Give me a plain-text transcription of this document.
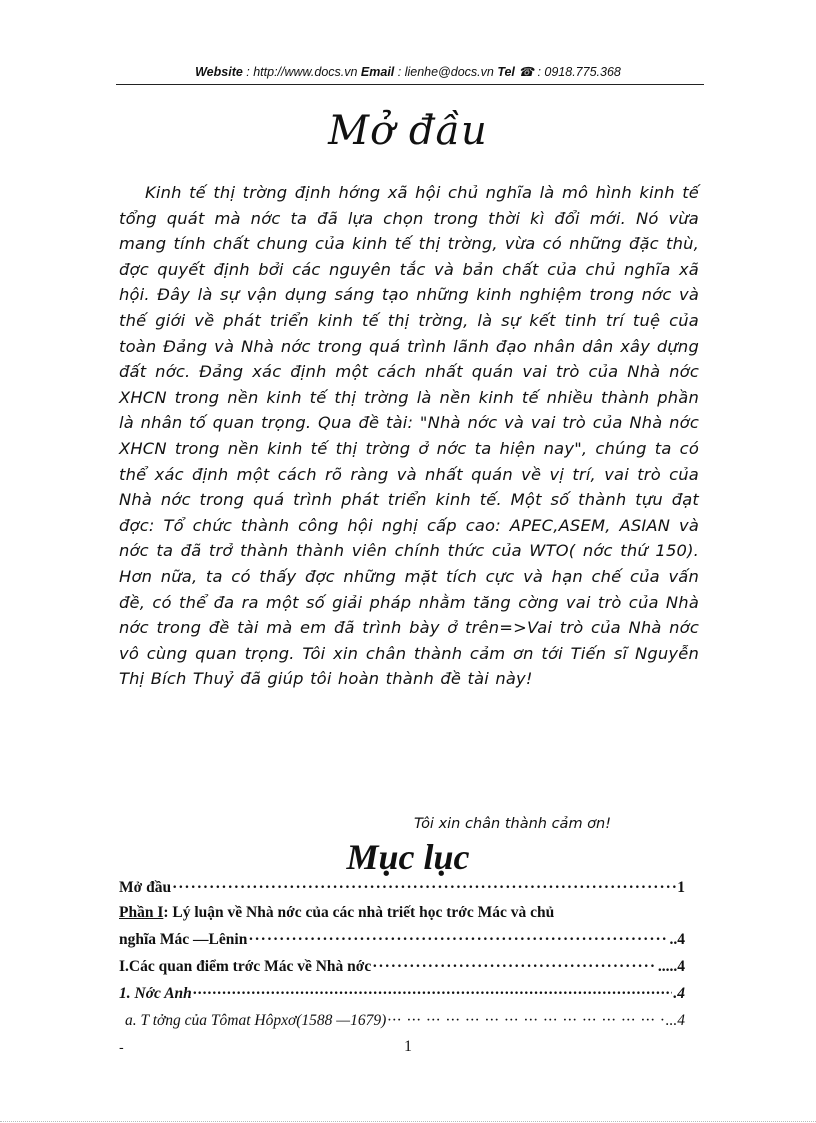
Website : http://www.docs.vn Email : lienhe@docs.vn Tel ☎ : 0918.775.368
Mở đầu

Kinh tế thị trờng định hớng xã hội chủ nghĩa là mô hình kinh tế tổng quát mà nớc ta đã lựa chọn trong thời kì đổi mới. Nó vừa mang tính chất chung của kinh tế thị trờng, vừa có những đặc thù, đợc quyết định bởi các nguyên tắc và bản chất của chủ nghĩa xã hội. Đây là sự vận dụng sáng tạo những kinh nghiệm trong nớc và thế giới về phát triển kinh tế thị trờng, là sự kết tinh trí tuệ của toàn Đảng và Nhà nớc trong quá trình lãnh đạo nhân dân xây dựng đất nớc. Đảng xác định một cách nhất quán vai trò của Nhà nớc XHCN trong nền kinh tế thị trờng là nền kinh tế nhiều thành phần là nhân tố quan trọng. Qua đề tài: "Nhà nớc và vai trò của Nhà nớc XHCN trong nền kinh tế thị trờng ở nớc ta hiện nay", chúng ta có thể xác định một cách rõ ràng và nhất quán về vị trí, vai trò của Nhà nớc trong quá trình phát triển kinh tế. Một số thành tựu đạt đợc: Tổ chức thành công hội nghị cấp cao: APEC,ASEM, ASIAN và nớc ta đã trở thành thành viên chính thức của WTO( nớc thứ 150). Hơn nữa, ta có thấy đợc những mặt tích cực và hạn chế của vấn đề, có thể đa ra một số giải pháp nhằm tăng cờng vai trò của Nhà nớc trong đề tài mà em đã trình bày ở trên=>Vai trò của Nhà nớc vô cùng quan trọng. Tôi xin chân thành cảm ơn tới Tiến sĩ Nguyễn Thị Bích Thuỷ đã giúp tôi hoàn thành đề tài này!

Tôi xin chân thành cảm ơn!
Mục lục
Mở đầu ·····	1
Phần I : Lý luận về Nhà nớc của các nhà triết học trớc Mác và chủ
nghĩa Mác —Lênin ·····	..4
I.Các quan điểm trớc Mác về Nhà nớc ·····	.....4
1. Nớc Anh ·····	.4
a. T tởng của Tômat Hôpxơ(1588 —1679) ··· ·	...4
-	1
